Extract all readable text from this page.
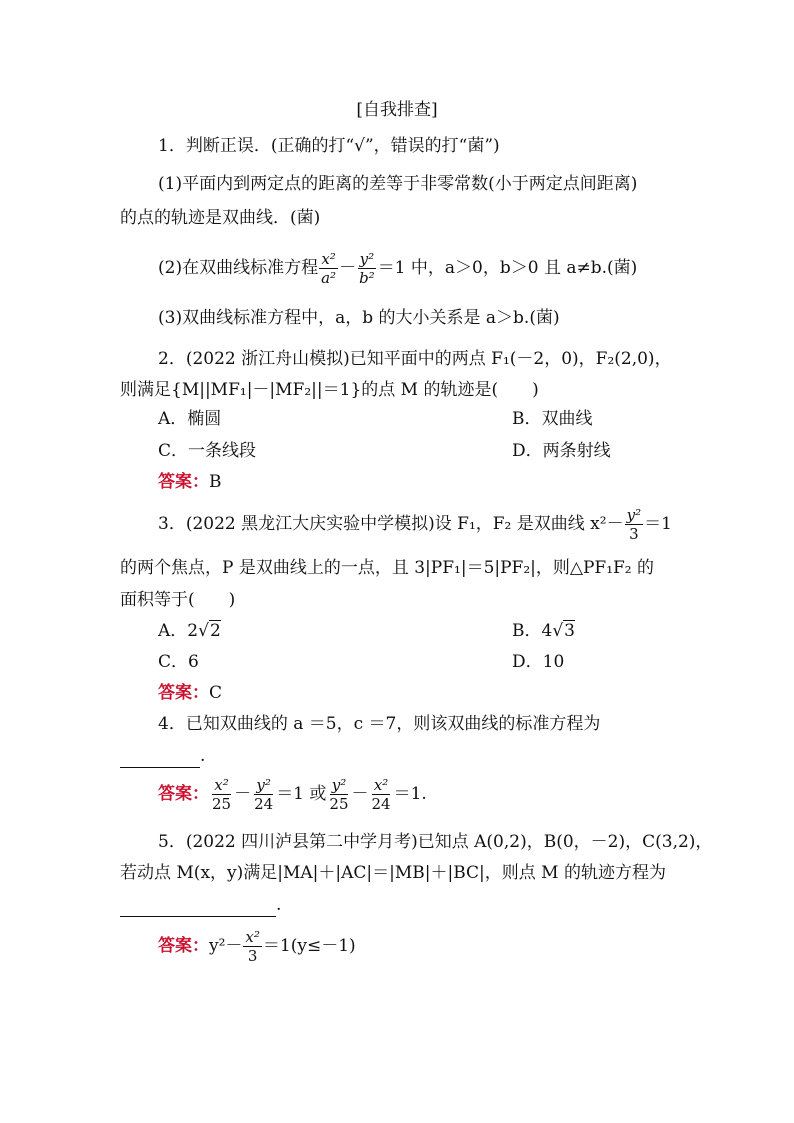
[自我排查]
1．判断正误．(正确的打“√”，错误的打“菌”)
(1)平面内到两定点的距离的差等于非零常数(小于两定点间距离)
的点的轨迹是双曲线．(菌)
(2)在双曲线标准方程 $\frac{\text{x²}}{\text{a²}} - \frac{\text{y²}}{\text{b²}} =1$ 中，a＞0，b＞0 且 a≠b.(菌)
(3)双曲线标准方程中，a，b 的大小关系是 a＞b.(菌)
2．(2022 浙江舟山模拟)已知平面中的两点 F₁(－2，0)，F₂(2,0)，
则满足{M||MF₁|－|MF₂||＝1}的点 M 的轨迹是(　　)
A．椭圆	B．双曲线
C．一条线段	D．两条射线
答案：B
3．(2022 黑龙江大庆实验中学模拟)设 F₁，F₂ 是双曲线 $x^2- \frac{\text{y²}}{3} =1$
的两个焦点，P 是双曲线上的一点，且 3|PF₁|＝5|PF₂|，则△PF₁F₂ 的
面积等于(　　)
A．2√2	B．4√3
C．6	D．10
答案：C
4．已知双曲线的 a ＝5，c ＝7，则该双曲线的标准方程为
.
答案： $\frac{\text{x²}}{25} - \frac{\text{y²}}{24} =1$ 或 $\frac{\text{y²}}{25} - \frac{\text{x²}}{24} =1$.
5．(2022 四川泸县第二中学月考)已知点 A(0,2)，B(0，－2)，C(3,2)，
若动点 M(x，y)满足|MA|＋|AC|＝|MB|＋|BC|，则点 M 的轨迹方程为
.
答案：$y^2- \frac{\text{x²}}{3} =1(y\le-1)$
